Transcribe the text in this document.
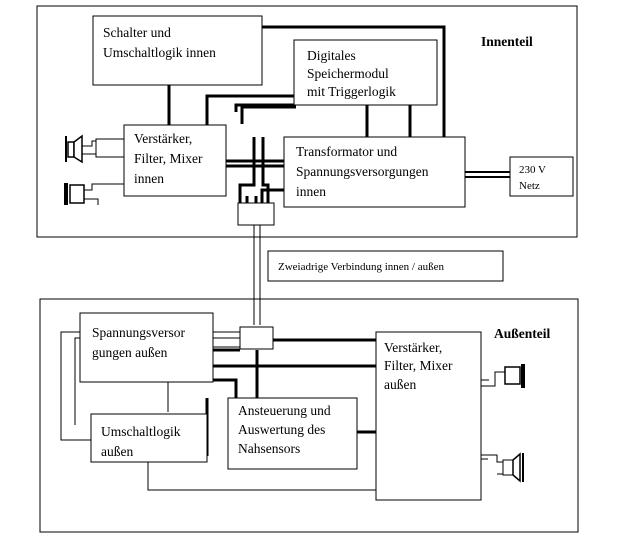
Innenteil
Außenteil
Schalter und
Umschaltlogik innen	Digitales
Speichermodul
mit Triggerlogik
Verstärker,
Filter, Mixer
innen
Transformator und
Spannungsversorgungen
innen
230 V
Netz
Zweiadrige Verbindung innen / außen
Spannungsversor
gungen außen	Verstärker,
Filter, Mixer
außen
Ansteuerung und
Auswertung des
Nahsensors
Umschaltlogik
außen
